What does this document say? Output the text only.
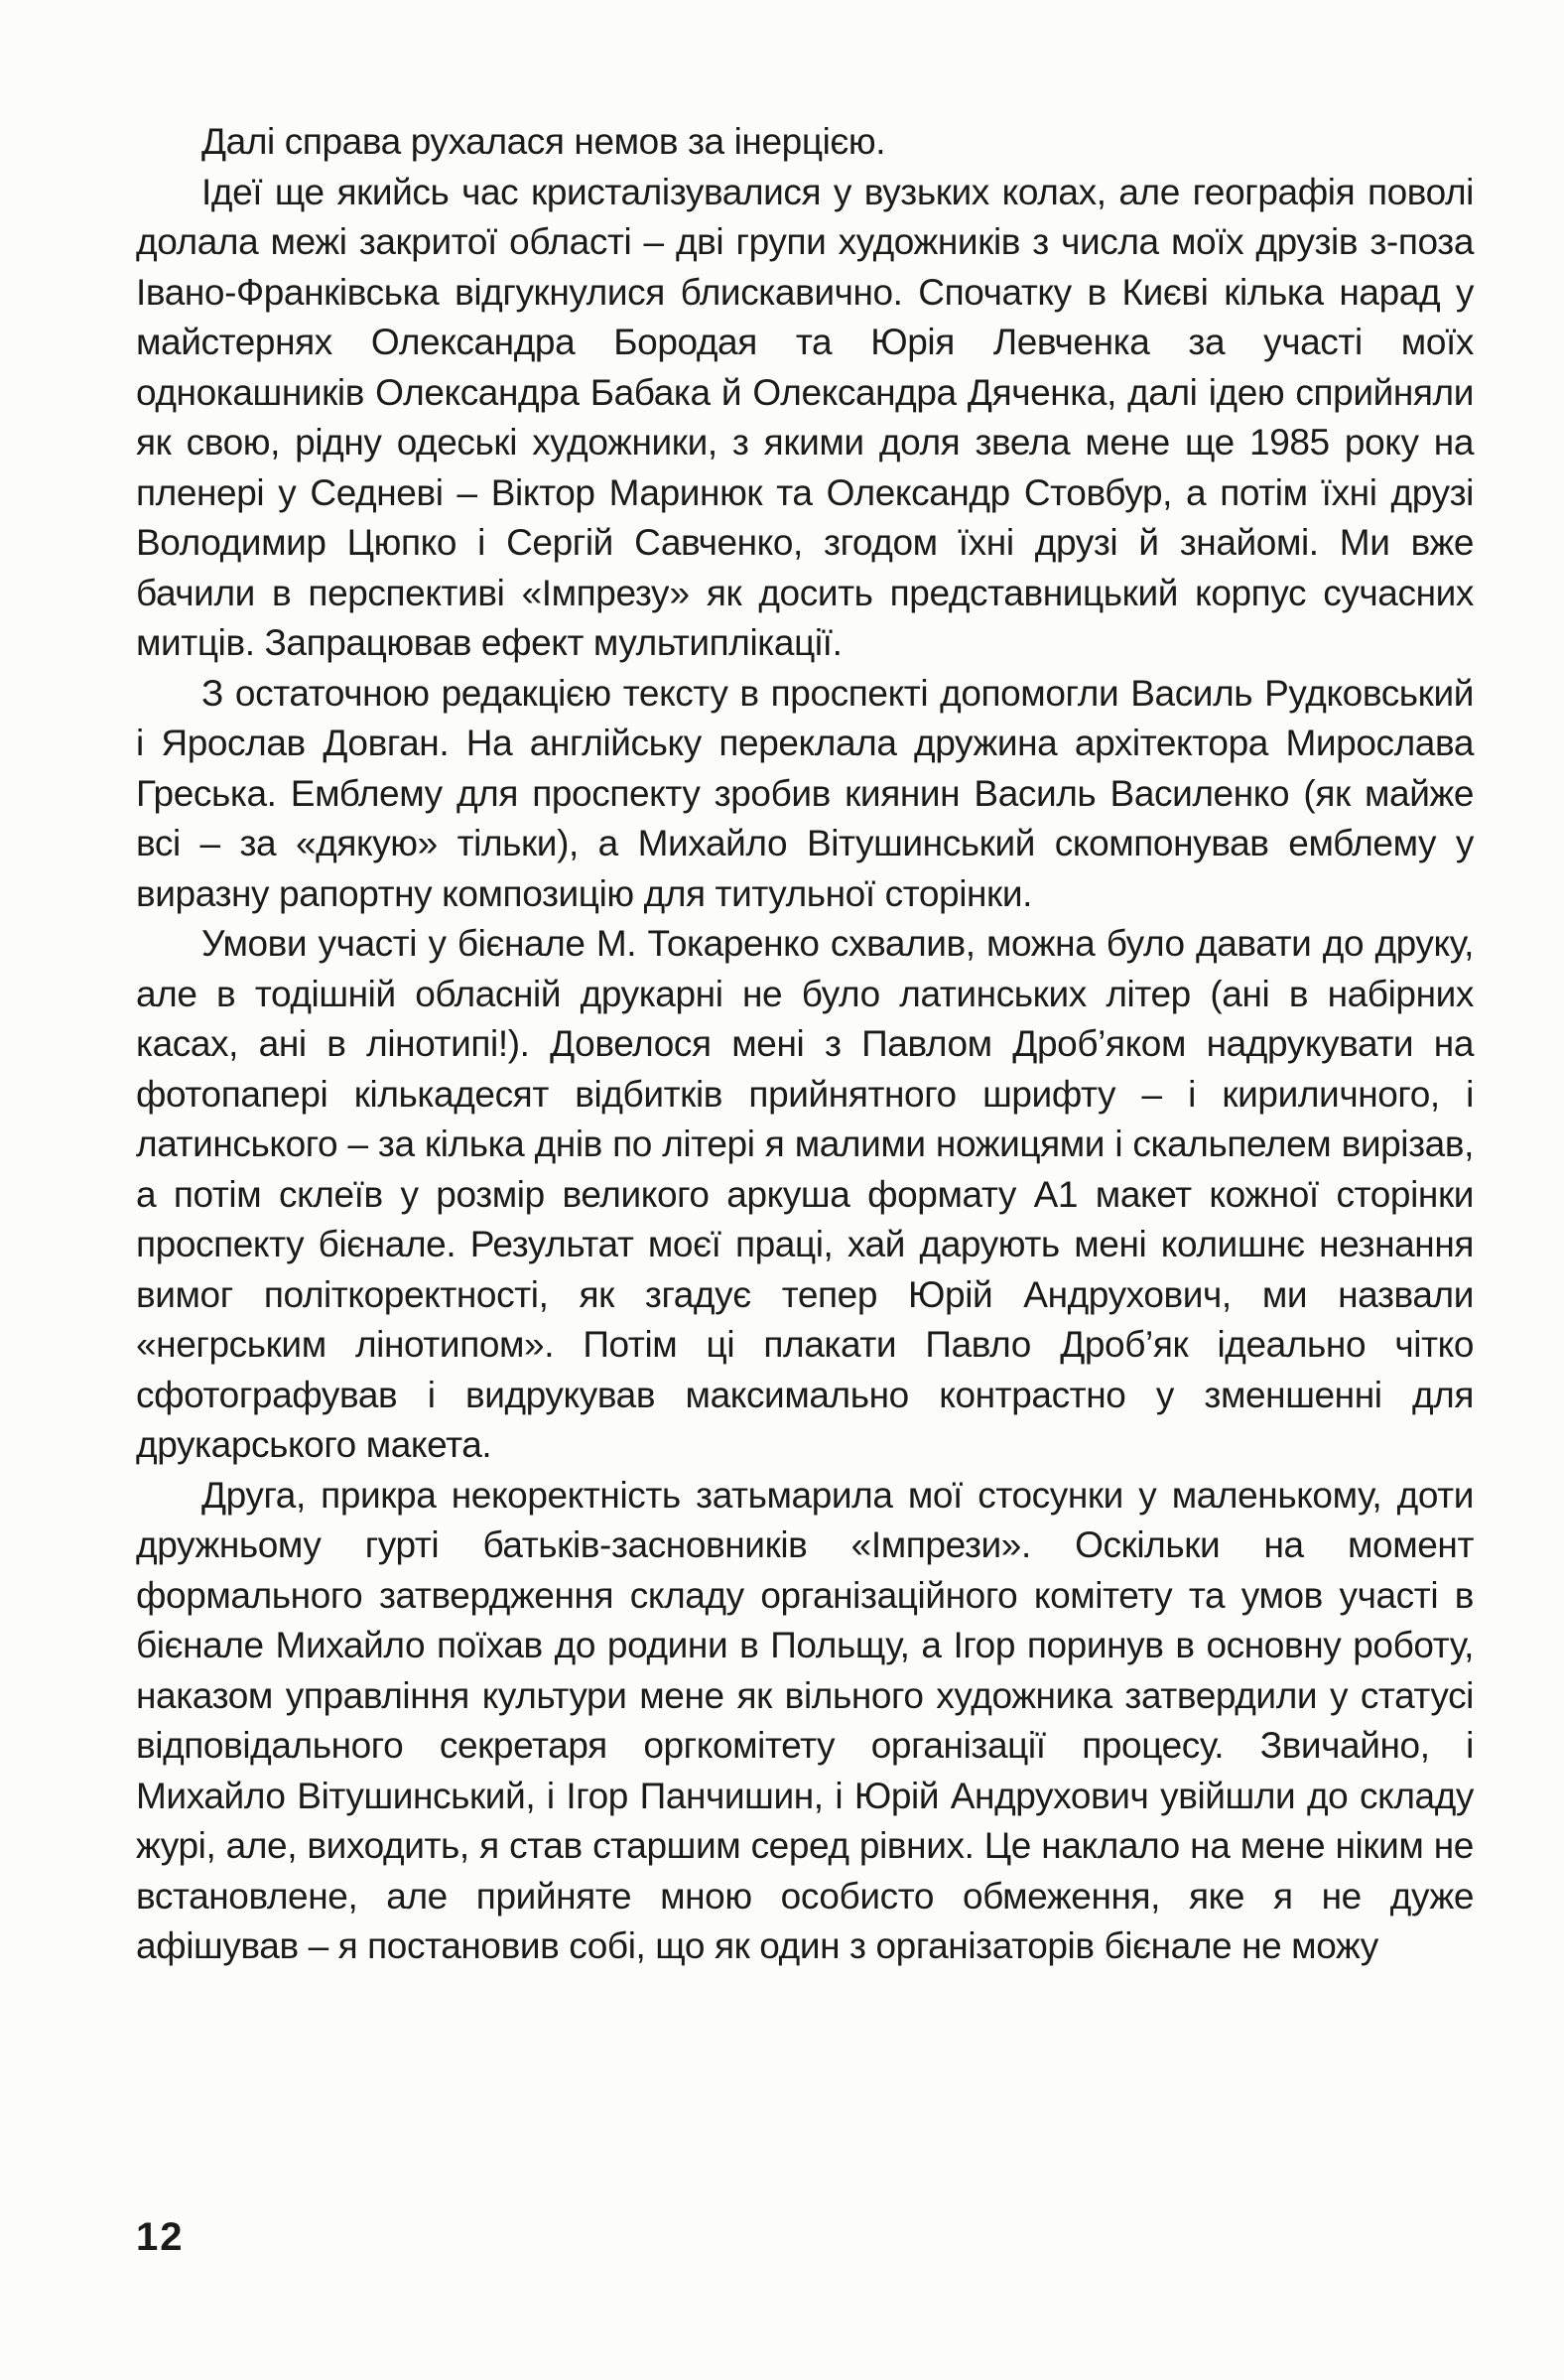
Далі справа рухалася немов за інерцією.

Ідеї ще якийсь час кристалізувалися у вузьких колах, але географія поволі долала межі закритої області – дві групи художників з числа моїх друзів з-поза Івано-Франківська відгукнулися блискавично. Спочатку в Києві кілька нарад у майстернях Олександра Бородая та Юрія Левченка за участі моїх однокашників Олександра Бабака й Олександра Дяченка, далі ідею сприйняли як свою, рідну одеські художники, з якими доля звела мене ще 1985 року на пленері у Седневі – Віктор Маринюк та Олександр Стовбур, а потім їхні друзі Володимир Цюпко і Сергій Савченко, згодом їхні друзі й знайомі. Ми вже бачили в перспективі «Імпрезу» як досить представницький корпус сучасних митців. Запрацював ефект мультиплікації.

З остаточною редакцією тексту в проспекті допомогли Василь Рудковський і Ярослав Довган. На англійську переклала дружина архітектора Мирослава Греська. Емблему для проспекту зробив киянин Василь Василенко (як майже всі – за «дякую» тільки), а Михайло Вітушинський скомпонував емблему у виразну рапортну композицію для титульної сторінки.

Умови участі у бієнале М. Токаренко схвалив, можна було давати до друку, але в тодішній обласній друкарні не було латинських літер (ані в набірних касах, ані в лінотипі!). Довелося мені з Павлом Дроб’яком надрукувати на фотопапері кількадесят відбитків прийнятного шрифту – і кириличного, і латинського – за кілька днів по літері я малими ножицями і скальпелем вирізав, а потім склеїв у розмір великого аркуша формату А1 макет кожної сторінки проспекту бієнале. Результат моєї праці, хай дарують мені колишнє незнання вимог політкоректності, як згадує тепер Юрій Андрухович, ми назвали «негрським лінотипом». Потім ці плакати Павло Дроб’як ідеально чітко сфотографував і видрукував максимально контрастно у зменшенні для друкарського макета.

Друга, прикра некоректність затьмарила мої стосунки у маленькому, доти дружньому гурті батьків-засновників «Імпрези». Оскільки на момент формального затвердження складу організаційного комітету та умов участі в бієнале Михайло поїхав до родини в Польщу, а Ігор поринув в основну роботу, наказом управління культури мене як вільного художника затвердили у статусі відповідального секретаря оргкомітету організації процесу. Звичайно, і Михайло Вітушинський, і Ігор Панчишин, і Юрій Андрухович увійшли до складу журі, але, виходить, я став старшим серед рівних. Це наклало на мене ніким не встановлене, але прийняте мною особисто обмеження, яке я не дуже афішував – я постановив собі, що як один з організаторів бієнале не можу

12
